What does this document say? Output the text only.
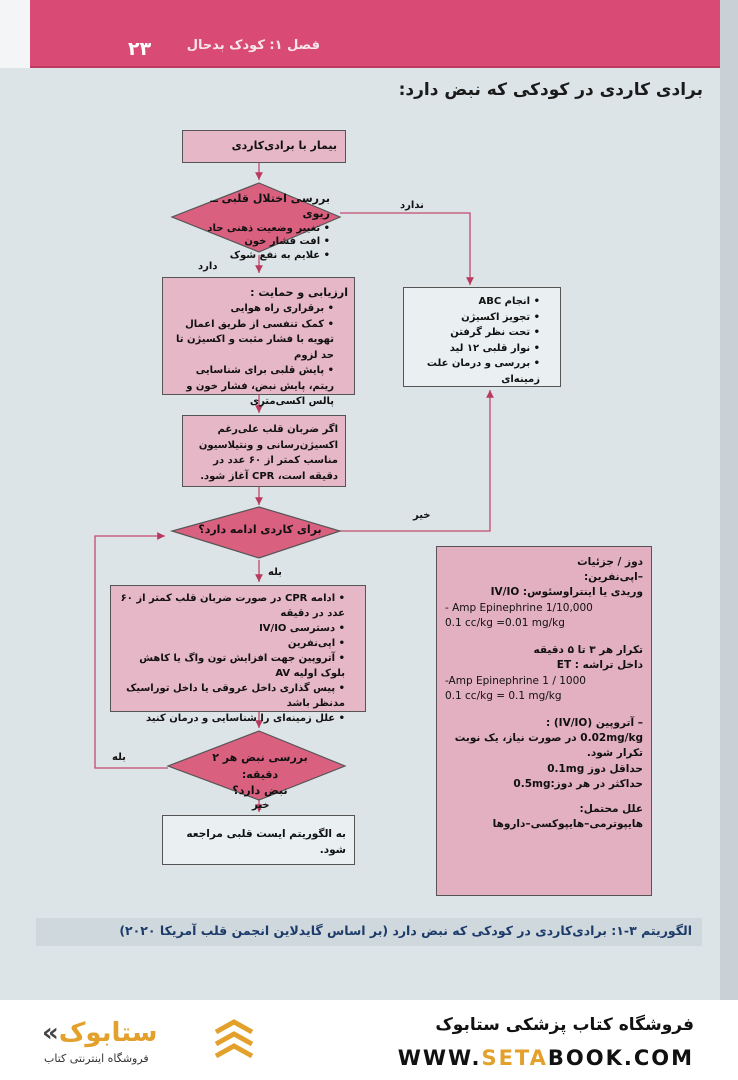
۲۳	فصل ۱: کودک بدحال
برادی کاردی در کودکی که نبض دارد:
بیمار با برادی‌کاردی
بررسی اختلال قلبی ــ ریوی
• تغییر وضعیت ذهنی حاد
• افت فشار خون
• علایم به نفع شوک
ندارد
دارد
ارزیابی و حمایت :
• برقراری راه هوایی
• کمک تنفسی از طریق اعمال تهویه با فشار مثبت و اکسیژن تا حد لزوم
• پایش قلبی برای شناسایی ریتم، پایش نبض، فشار خون و پالس اکسی‌متری
• انجام ABC
• تجویز اکسیژن
• تحت نظر گرفتن
• نوار قلبی ۱۲ لید
• بررسی و درمان علت زمینه‌ای
اگر ضربان قلب علی‌رغم اکسیژن‌رسانی و ونتیلاسیون مناسب کمتر از ۶۰ عدد در دقیقه است، CPR آغاز شود.
برای کاردی ادامه دارد؟
خیر
بله
• ادامه CPR در صورت ضربان قلب کمتر از ۶۰ عدد در دقیقه
• دسترسی IV/IO
• اپی‌نفرین
• آتروپین جهت افزایش تون واگ یا کاهش بلوک اولیه AV
• پیس گذاری داخل عروقی یا داخل توراسیک مدنظر باشد
• علل زمینه‌ای را شناسایی و درمان کنید
بررسی نبض هر ۲ دقیقه:
نبض دارد؟
بله
خیر
به الگوریتم ایست قلبی مراجعه شود.
دوز / جزئیات
–اپی‌نفرین:
وریدی یا اینتراوسئوس: IV/IO
- Amp Epinephrine 1/10,000
0.1 cc/kg =0.01 mg/kg
تکرار هر ۳ تا ۵ دقیقه
داخل تراشه : ET
-Amp Epinephrine 1 / 1000
0.1 cc/kg = 0.1 mg/kg
– آتروپین (IV/IO) :
0.02mg/kg در صورت نیاز، یک نوبت تکرار شود.
حداقل دوز 0.1mg
حداکثر در هر دوز:0.5mg
علل محتمل:
هایپوترمی–هایپوکسی–داروها
الگوریتم ۳-۱: برادی‌کاردی در کودکی که نبض دارد (بر اساس گایدلاین انجمن قلب آمریکا ۲۰۲۰)
فروشگاه کتاب پزشکی ستابوک
WWW.SETABOOK.COM
«ستابوک
فروشگاه اینترنتی کتاب
